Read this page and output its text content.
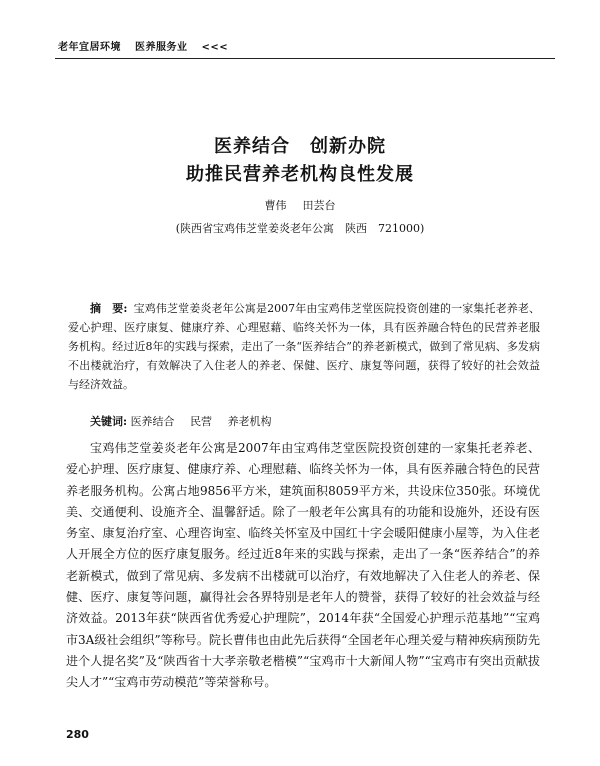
老年宜居环境 医养服务业 <<<
医养结合 创新办院
助推民营养老机构良性发展
曹伟 田芸台
(陕西省宝鸡伟芝堂姜炎老年公寓　陕西　721000)
摘　要: 宝鸡伟芝堂姜炎老年公寓是2007年由宝鸡伟芝堂医院投资创建的一家集托老养老、爱心护理、医疗康复、健康疗养、心理慰藉、临终关怀为一体，具有医养融合特色的民营养老服务机构。经过近8年的实践与探索，走出了一条“医养结合”的养老新模式，做到了常见病、多发病不出楼就治疗，有效解决了入住老人的养老、保健、医疗、康复等问题，获得了较好的社会效益与经济效益。
关键词: 医养结合 民营 养老机构
宝鸡伟芝堂姜炎老年公寓是2007年由宝鸡伟芝堂医院投资创建的一家集托老养老、爱心护理、医疗康复、健康疗养、心理慰藉、临终关怀为一体，具有医养融合特色的民营养老服务机构。公寓占地9856平方米，建筑面积8059平方米，共设床位350张。环境优美、交通便利、设施齐全、温馨舒适。除了一般老年公寓具有的功能和设施外，还设有医务室、康复治疗室、心理咨询室、临终关怀室及中国红十字会暖阳健康小屋等，为入住老人开展全方位的医疗康复服务。经过近8年来的实践与探索，走出了一条“医养结合”的养老新模式，做到了常见病、多发病不出楼就可以治疗，有效地解决了入住老人的养老、保健、医疗、康复等问题，赢得社会各界特别是老年人的赞誉，获得了较好的社会效益与经济效益。2013年获“陕西省优秀爱心护理院”，2014年获“全国爱心护理示范基地”“宝鸡市3A级社会组织”等称号。院长曹伟也由此先后获得“全国老年心理关爱与精神疾病预防先进个人提名奖”及“陕西省十大孝亲敬老楷模”“宝鸡市十大新闻人物”“宝鸡市有突出贡献拔尖人才”“宝鸡市劳动模范”等荣誉称号。
280
